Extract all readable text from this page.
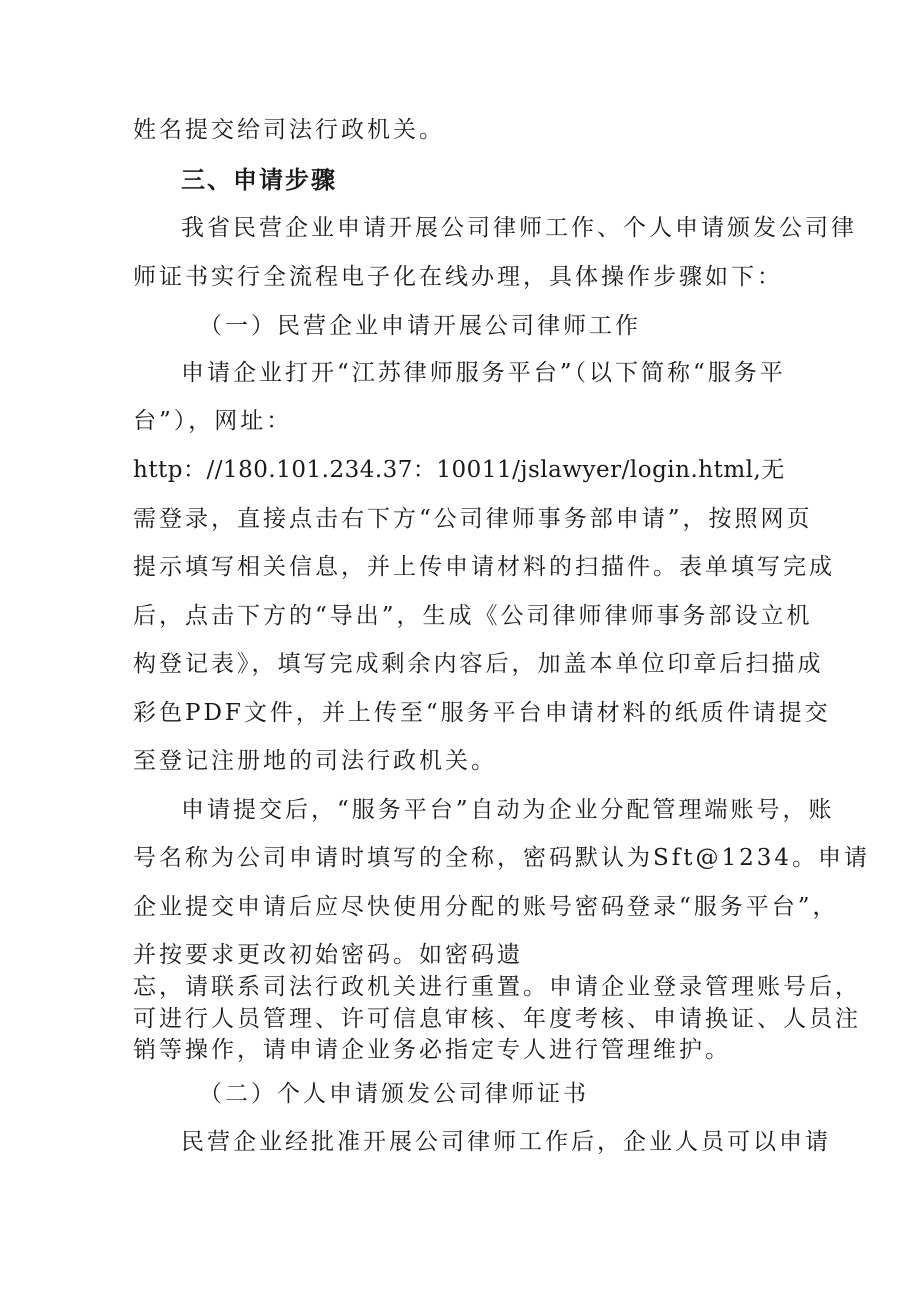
姓名提交给司法行政机关。
三、申请步骤
我省民营企业申请开展公司律师工作、个人申请颁发公司律
师证书实行全流程电子化在线办理，具体操作步骤如下：
（一）民营企业申请开展公司律师工作
申请企业打开“江苏律师服务平台”（以下简称“服务平
台”），网址：
http：//180.101.234.37：10011/jslawyer/login.html,无
需登录，直接点击右下方“公司律师事务部申请”，按照网页
提示填写相关信息，并上传申请材料的扫描件。表单填写完成
后，点击下方的“导出”，生成《公司律师律师事务部设立机
构登记表》，填写完成剩余内容后，加盖本单位印章后扫描成
彩色PDF文件，并上传至“服务平台申请材料的纸质件请提交
至登记注册地的司法行政机关。
申请提交后，“服务平台”自动为企业分配管理端账号，账
号名称为公司申请时填写的全称，密码默认为Sft@1234。申请
企业提交申请后应尽快使用分配的账号密码登录“服务平台”，
并按要求更改初始密码。如密码遗
忘，请联系司法行政机关进行重置。申请企业登录管理账号后，
可进行人员管理、许可信息审核、年度考核、申请换证、人员注
销等操作，请申请企业务必指定专人进行管理维护。
（二）个人申请颁发公司律师证书
民营企业经批准开展公司律师工作后，企业人员可以申请
